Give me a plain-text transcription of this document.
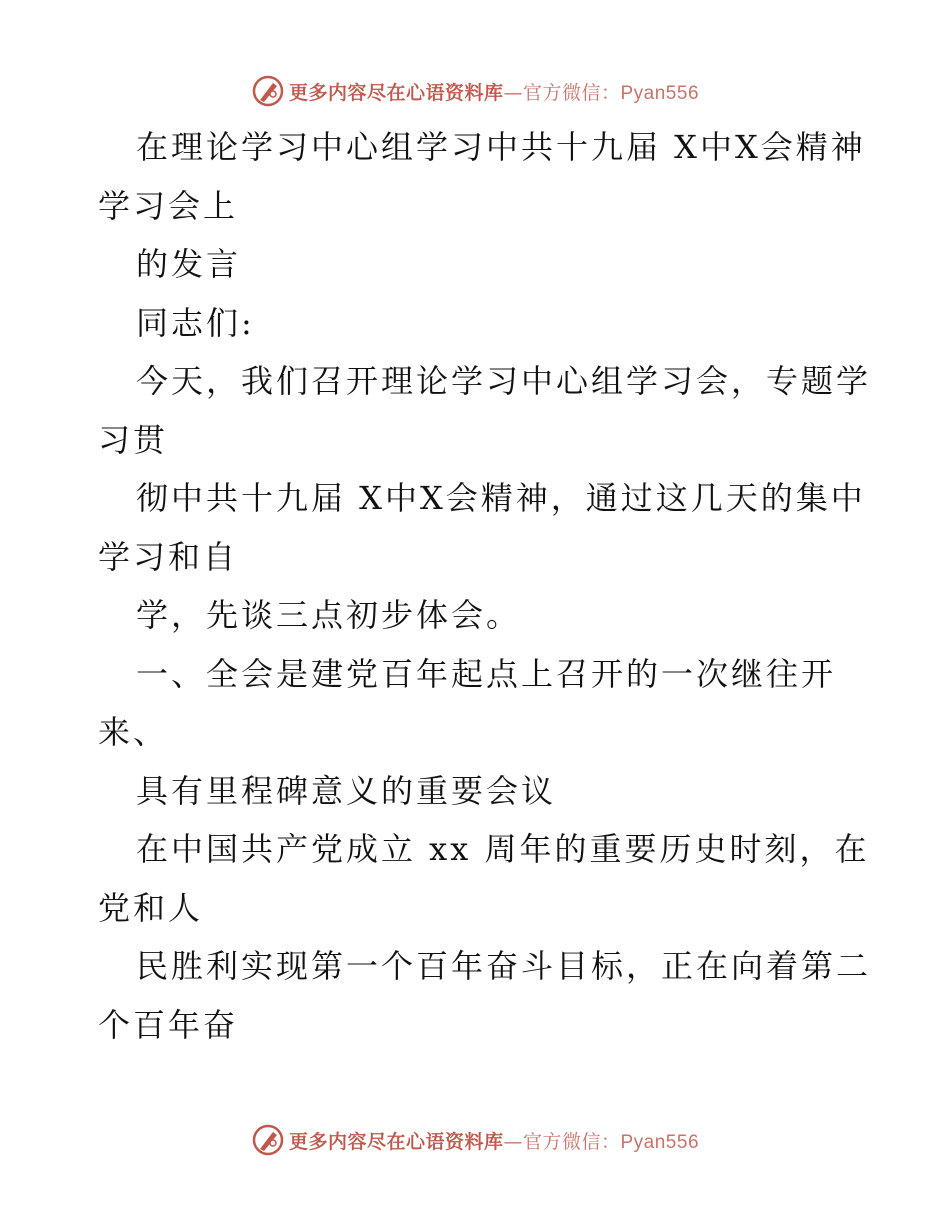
更多内容尽在心语资料库—官方微信：Pyan556
在理论学习中心组学习中共十九届 X中X会精神
学习会上
的发言
同志们:
今天，我们召开理论学习中心组学习会，专题学
习贯
彻中共十九届 X中X会精神，通过这几天的集中
学习和自
学，先谈三点初步体会。
一、全会是建党百年起点上召开的一次继往开
来、
具有里程碑意义的重要会议
在中国共产党成立 xx 周年的重要历史时刻，在
党和人
民胜利实现第一个百年奋斗目标，正在向着第二
个百年奋
更多内容尽在心语资料库—官方微信：Pyan556
